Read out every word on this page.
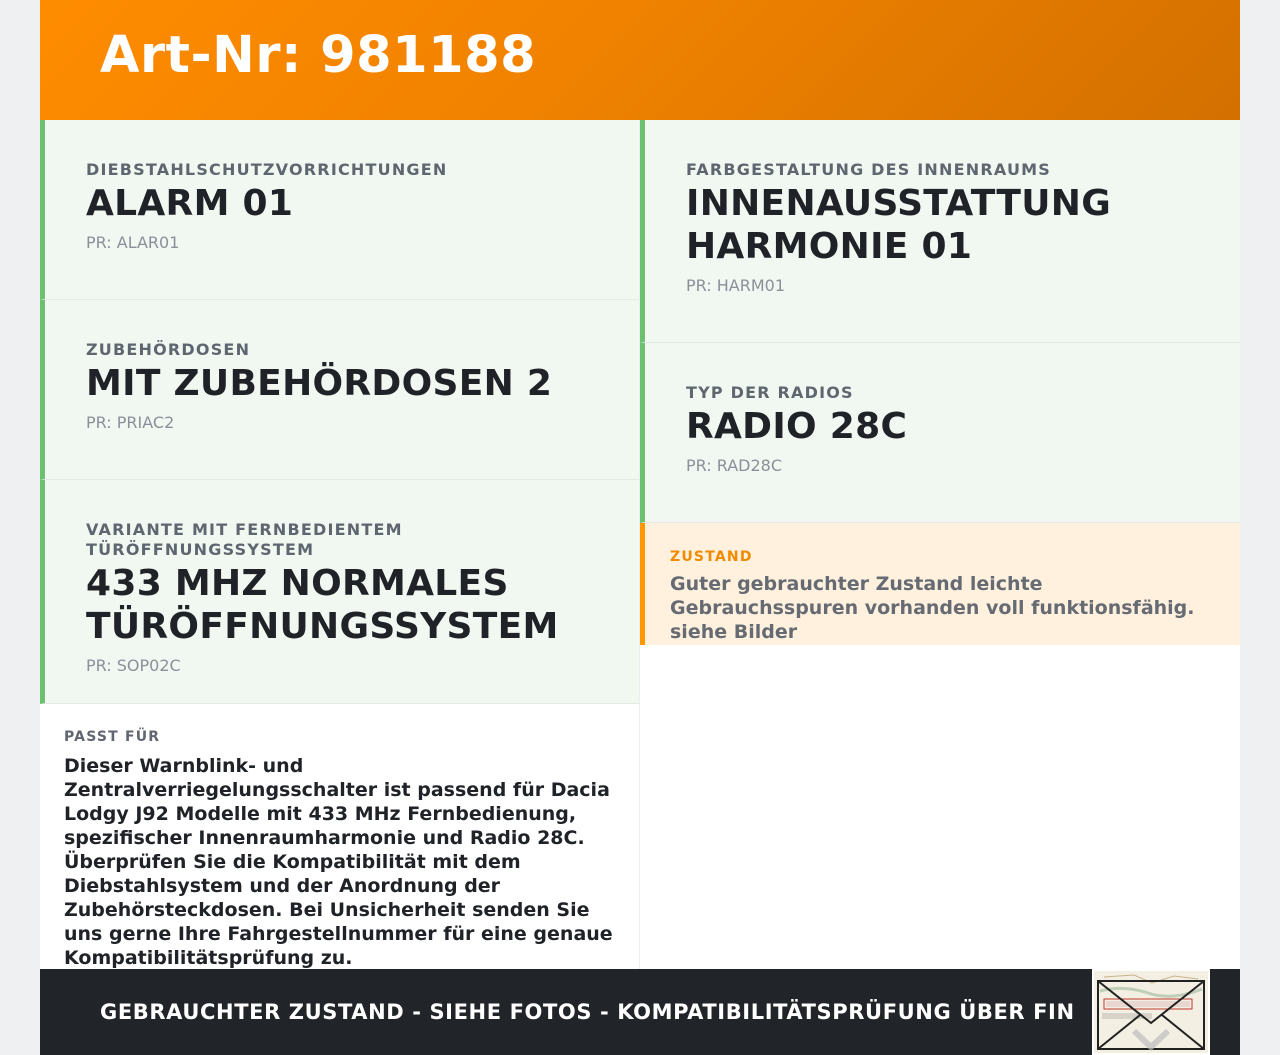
Art-Nr: 981188
DIEBSTAHLSCHUTZVORRICHTUNGEN
ALARM 01
PR: ALAR01
ZUBEHÖRDOSEN
MIT ZUBEHÖRDOSEN 2
PR: PRIAC2
VARIANTE MIT FERNBEDIENTEM TÜRÖFFNUNGSSYSTEM
433 MHZ NORMALES TÜRÖFFNUNGSSYSTEM
PR: SOP02C
PASST FÜR
Dieser Warnblink- und Zentralverriegelungsschalter ist passend für Dacia Lodgy J92 Modelle mit 433 MHz Fernbedienung, spezifischer Innenraumharmonie und Radio 28C. Überprüfen Sie die Kompatibilität mit dem Diebstahlsystem und der Anordnung der Zubehörsteckdosen. Bei Unsicherheit senden Sie uns gerne Ihre Fahrgestellnummer für eine genaue Kompatibilitätsprüfung zu.
FARBGESTALTUNG DES INNENRAUMS
INNENAUSSTATTUNG HARMONIE 01
PR: HARM01
TYP DER RADIOS
RADIO 28C
PR: RAD28C
ZUSTAND
Guter gebrauchter Zustand leichte Gebrauchsspuren vorhanden voll funktionsfähig. siehe Bilder
GEBRAUCHTER ZUSTAND - SIEHE FOTOS - KOMPATIBILITÄTSPRÜFUNG ÜBER FIN
